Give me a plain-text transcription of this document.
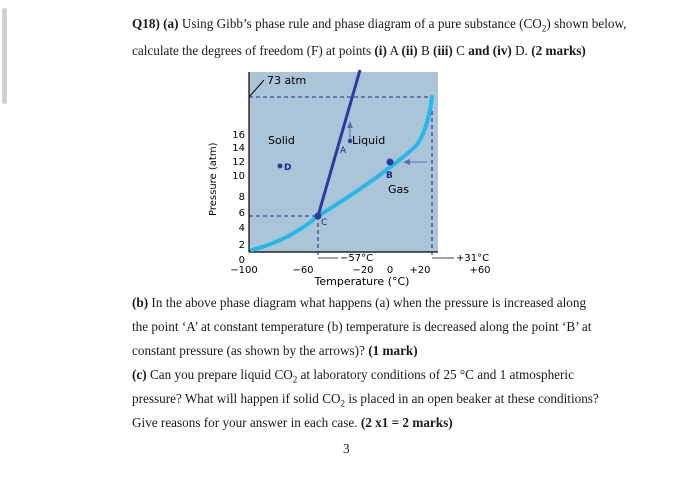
Q18) (a) Using Gibb’s phase rule and phase diagram of a pure substance $(CO_2)$ shown below,
calculate the degrees of freedom (F) at points (i) A (ii) B (iii) C and (iv) D. (2 marks)
73 atm
A
B
C
D
Solid	Liquid
Gas
16
14
12
10
8
6
4
2
0
Pressure (atm)
−100	−60	−20 0 +20	+60
−57°C	+31°C
Temperature (°C)
(b) In the above phase diagram what happens (a) when the pressure is increased along
the point ‘A’ at constant temperature (b) temperature is decreased along the point ‘B’ at
constant pressure (as shown by the arrows)? (1 mark)
(c) Can you prepare liquid $CO_2$ at laboratory conditions of 25 °C and 1 atmospheric
pressure? What will happen if solid $CO_2$ is placed in an open beaker at these conditions?
Give reasons for your answer in each case. (2 x1 = 2 marks)
3
